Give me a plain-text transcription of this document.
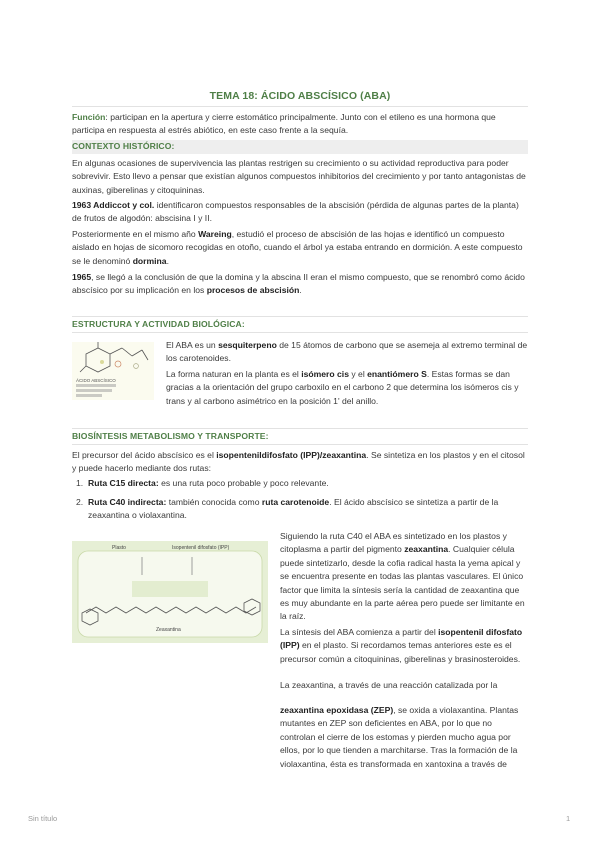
TEMA 18: ÁCIDO ABSCÍSICO (ABA)
Función: participan en la apertura y cierre estomático principalmente. Junto con el etileno es una hormona que participa en respuesta al estrés abiótico, en este caso frente a la sequía.
CONTEXTO HISTÓRICO:
En algunas ocasiones de supervivencia las plantas restrigen su crecimiento o su actividad reproductiva para poder sobrevivir. Esto llevo a pensar que existían algunos compuestos inhibitorios del crecimiento y por tanto antagonistas de auxinas, giberelinas y citoquininas.
1963 Addiccot y col. identificaron compuestos responsables de la abscisión (pérdida de algunas partes de la planta) de frutos de algodón: abscisina I y II.
Posteriormente en el mismo año Wareing, estudió el proceso de abscisión de las hojas e identificó un compuesto aislado en hojas de sicomoro recogidas en otoño, cuando el árbol ya estaba entrando en dormición. A este compuesto se le denominó dormina.
1965, se llegó a la conclusión de que la domina y la abscina II eran el mismo compuesto, que se renombró como ácido abscísico por su implicación en los procesos de abscisión.
ESTRUCTURA Y ACTIVIDAD BIOLÓGICA:
ÁCIDO ABSCÍSICO
El ABA es un sesquiterpeno de 15 átomos de carbono que se asemeja al extremo terminal de los carotenoides.
La forma naturan en la planta es el isómero cis y el enantiómero S. Estas formas se dan gracias a la orientación del grupo carboxilo en el carbono 2 que determina los isómeros cis y trans y al carbono asimétrico en la posición 1' del anillo.
BIOSÍNTESIS METABOLISMO Y TRANSPORTE:
El precursor del ácido abscísico es el isopentenildifosfato (IPP)/zeaxantina. Se sintetiza en los plastos y en el citosol y puede hacerlo mediante dos rutas:
1. Ruta C15 directa: es una ruta poco probable y poco relevante.
2. Ruta C40 indirecta: también conocida como ruta carotenoide. El ácido abscísico se sintetiza a partir de la zeaxantina o violaxantina.
Plasto	Isopentenil difosfato (IPP)
Zeaxantina
Siguiendo la ruta C40 el ABA es sintetizado en los plastos y citoplasma a partir del pigmento zeaxantina. Cualquier célula puede sintetizarlo, desde la cofia radical hasta la yema apical y se encuentra presente en todas las plantas vasculares. El único factor que limita la síntesis sería la cantidad de zeaxantina que es muy abundante en la parte aérea pero puede ser limitante en la raíz.
La síntesis del ABA comienza a partir del isopentenil difosfato (IPP) en el plasto. Si recordamos temas anteriores este es el precursor común a citoquininas, giberelinas y brasinosteroides.
La zeaxantina, a través de una reacción catalizada por la
zeaxantina epoxidasa (ZEP), se oxida a violaxantina. Plantas mutantes en ZEP son deficientes en ABA, por lo que no controlan el cierre de los estomas y pierden mucho agua por ellos, por lo que tienden a marchitarse. Tras la formación de la violaxantina, ésta es transformada en xantoxina a través de
Sin título	1
